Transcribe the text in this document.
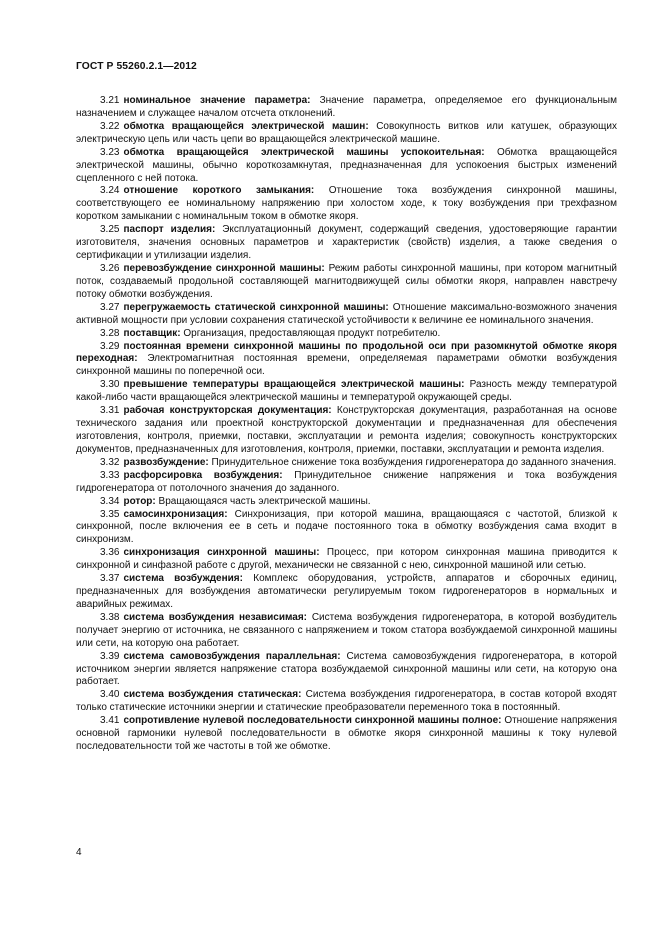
ГОСТ Р 55260.2.1—2012

3.21 номинальное значение параметра: Значение параметра, определяемое его функциональным назначением и служащее началом отсчета отклонений.

3.22 обмотка вращающейся электрической машин: Совокупность витков или катушек, образующих электрическую цепь или часть цепи во вращающейся электрической машине.

3.23 обмотка вращающейся электрической машины успокоительная: Обмотка вращающейся электрической машины, обычно короткозамкнутая, предназначенная для успокоения быстрых изменений сцепленного с ней потока.

3.24 отношение короткого замыкания: Отношение тока возбуждения синхронной машины, соответствующего ее номинальному напряжению при холостом ходе, к току возбуждения при трехфазном коротком замыкании с номинальным током в обмотке якоря.

3.25 паспорт изделия: Эксплуатационный документ, содержащий сведения, удостоверяющие гарантии изготовителя, значения основных параметров и характеристик (свойств) изделия, а также сведения о сертификации и утилизации изделия.

3.26 перевозбуждение синхронной машины: Режим работы синхронной машины, при котором магнитный поток, создаваемый продольной составляющей магнитодвижущей силы обмотки якоря, направлен навстречу потоку обмотки возбуждения.

3.27 перегружаемость статической синхронной машины: Отношение максимально-возможного значения активной мощности при условии сохранения статической устойчивости к величине ее номинального значения.

3.28 поставщик: Организация, предоставляющая продукт потребителю.

3.29 постоянная времени синхронной машины по продольной оси при разомкнутой обмотке якоря переходная: Электромагнитная постоянная времени, определяемая параметрами обмотки возбуждения синхронной машины по поперечной оси.

3.30 превышение температуры вращающейся электрической машины: Разность между температурой какой-либо части вращающейся электрической машины и температурой окружающей среды.

3.31 рабочая конструкторская документация: Конструкторская документация, разработанная на основе технического задания или проектной конструкторской документации и предназначенная для обеспечения изготовления, контроля, приемки, поставки, эксплуатации и ремонта изделия; совокупность конструкторских документов, предназначенных для изготовления, контроля, приемки, поставки, эксплуатации и ремонта изделия.

3.32 развозбуждение: Принудительное снижение тока возбуждения гидрогенератора до заданного значения.

3.33 расфорсировка возбуждения: Принудительное снижение напряжения и тока возбуждения гидрогенератора от потолочного значения до заданного.

3.34 ротор: Вращающаяся часть электрической машины.

3.35 самосинхронизация: Синхронизация, при которой машина, вращающаяся с частотой, близкой к синхронной, после включения ее в сеть и подаче постоянного тока в обмотку возбуждения сама входит в синхронизм.

3.36 синхронизация синхронной машины: Процесс, при котором синхронная машина приводится к синхронной и синфазной работе с другой, механически не связанной с нею, синхронной машиной или сетью.

3.37 система возбуждения: Комплекс оборудования, устройств, аппаратов и сборочных единиц, предназначенных для возбуждения автоматически регулируемым током гидрогенераторов в нормальных и аварийных режимах.

3.38 система возбуждения независимая: Система возбуждения гидрогенератора, в которой возбудитель получает энергию от источника, не связанного с напряжением и током статора возбуждаемой синхронной машины или сети, на которую она работает.

3.39 система самовозбуждения параллельная: Система самовозбуждения гидрогенератора, в которой источником энергии является напряжение статора возбуждаемой синхронной машины или сети, на которую она работает.

3.40 система возбуждения статическая: Система возбуждения гидрогенератора, в состав которой входят только статические источники энергии и статические преобразователи переменного тока в постоянный.

3.41 сопротивление нулевой последовательности синхронной машины полное: Отношение напряжения основной гармоники нулевой последовательности в обмотке якоря синхронной машины к току нулевой последовательности той же частоты в той же обмотке.

4
